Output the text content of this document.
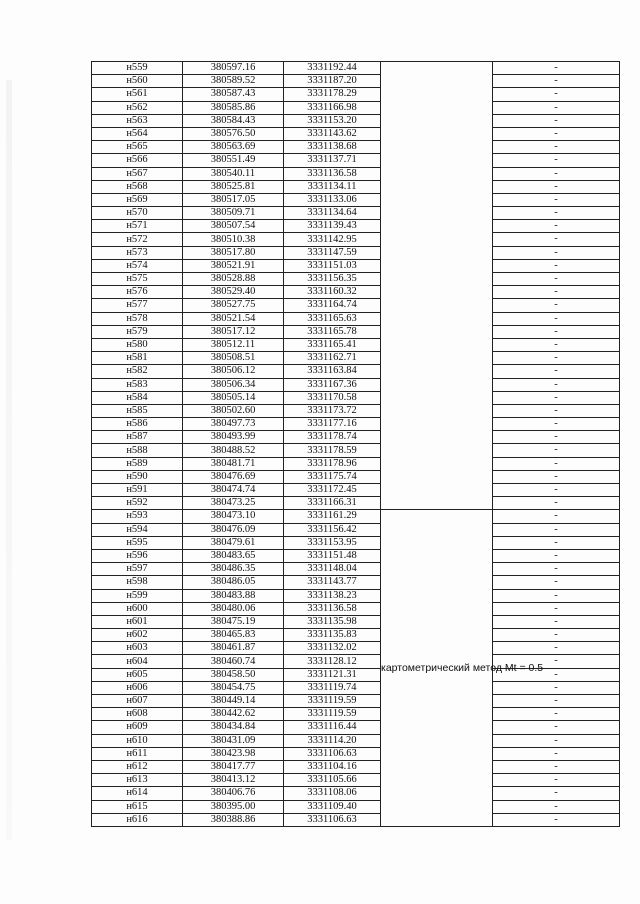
н559	380597.16	3331192.44		-
н560	380589.52	3331187.20		-
н561	380587.43	3331178.29		-
н562	380585.86	3331166.98		-
н563	380584.43	3331153.20		-
н564	380576.50	3331143.62		-
н565	380563.69	3331138.68		-
н566	380551.49	3331137.71		-
н567	380540.11	3331136.58		-
н568	380525.81	3331134.11		-
н569	380517.05	3331133.06		-
н570	380509.71	3331134.64		-
н571	380507.54	3331139.43		-
н572	380510.38	3331142.95		-
н573	380517.80	3331147.59		-
н574	380521.91	3331151.03		-
н575	380528.88	3331156.35		-
н576	380529.40	3331160.32		-
н577	380527.75	3331164.74		-
н578	380521.54	3331165.63		-
н579	380517.12	3331165.78		-
н580	380512.11	3331165.41		-
н581	380508.51	3331162.71		-
н582	380506.12	3331163.84		-
н583	380506.34	3331167.36		-
н584	380505.14	3331170.58		-
н585	380502.60	3331173.72		-
н586	380497.73	3331177.16		-
н587	380493.99	3331178.74		-
н588	380488.52	3331178.59		-
н589	380481.71	3331178.96		-
н590	380476.69	3331175.74		-
н591	380474.74	3331172.45		-
н592	380473.25	3331166.31		-
н593	380473.10	3331161.29	картометрический метод Mt = 0.5	-
н594	380476.09	3331156.42		-
н595	380479.61	3331153.95		-
н596	380483.65	3331151.48		-
н597	380486.35	3331148.04		-
н598	380486.05	3331143.77		-
н599	380483.88	3331138.23		-
н600	380480.06	3331136.58		-
н601	380475.19	3331135.98		-
н602	380465.83	3331135.83		-
н603	380461.87	3331132.02		-
н604	380460.74	3331128.12		-
н605	380458.50	3331121.31		-
н606	380454.75	3331119.74		-
н607	380449.14	3331119.59		-
н608	380442.62	3331119.59		-
н609	380434.84	3331116.44		-
н610	380431.09	3331114.20		-
н611	380423.98	3331106.63		-
н612	380417.77	3331104.16		-
н613	380413.12	3331105.66		-
н614	380406.76	3331108.06		-
н615	380395.00	3331109.40		-
н616	380388.86	3331106.63		-
